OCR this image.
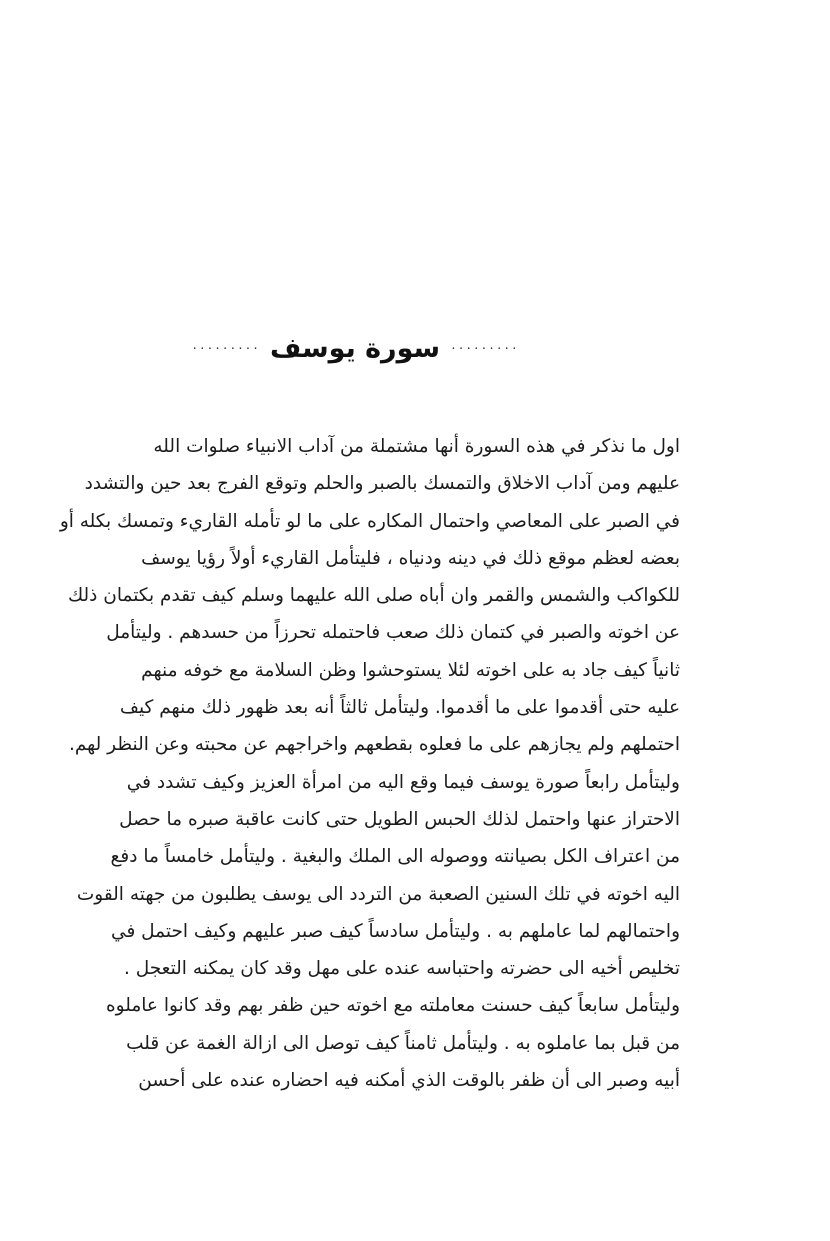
········· سورة يوسف ·········
اول ما نذكر في هذه السورة أنها مشتملة من آداب الانبياء صلوات الله
عليهم ومن آداب الاخلاق والتمسك بالصبر والحلم وتوقع الفرج بعد حين والتشدد
في الصبر على المعاصي واحتمال المكاره على ما لو تأمله القاريء وتمسك بكله أو
بعضه لعظم موقع ذلك في دينه ودنياه ، فليتأمل القاريء أولاً رؤيا يوسف
للكواكب والشمس والقمر وان أباه صلى الله عليهما وسلم كيف تقدم بكتمان ذلك
عن اخوته والصبر في كتمان ذلك صعب فاحتمله تحرزاً من حسدهم . وليتأمل
ثانياً كيف جاد به على اخوته لئلا يستوحشوا وظن السلامة مع خوفه منهم
عليه حتى أقدموا على ما أقدموا. وليتأمل ثالثاً أنه بعد ظهور ذلك منهم كيف
احتملهم ولم يجازهم على ما فعلوه بقطعهم واخراجهم عن محبته وعن النظر لهم.
وليتأمل رابعاً صورة يوسف فيما وقع اليه من امرأة العزيز وكيف تشدد في
الاحتراز عنها واحتمل لذلك الحبس الطويل حتى كانت عاقبة صبره ما حصل
من اعتراف الكل بصيانته ووصوله الى الملك والبغية . وليتأمل خامساً ما دفع
اليه اخوته في تلك السنين الصعبة من التردد الى يوسف يطلبون من جهته القوت
واحتمالهم لما عاملهم به . وليتأمل سادساً كيف صبر عليهم وكيف احتمل في
تخليص أخيه الى حضرته واحتباسه عنده على مهل وقد كان يمكنه التعجل .
وليتأمل سابعاً كيف حسنت معاملته مع اخوته حين ظفر بهم وقد كانوا عاملوه
من قبل بما عاملوه به . وليتأمل ثامناً كيف توصل الى ازالة الغمة عن قلب
أبيه وصبر الى أن ظفر بالوقت الذي أمكنه فيه احضاره عنده على أحسن
